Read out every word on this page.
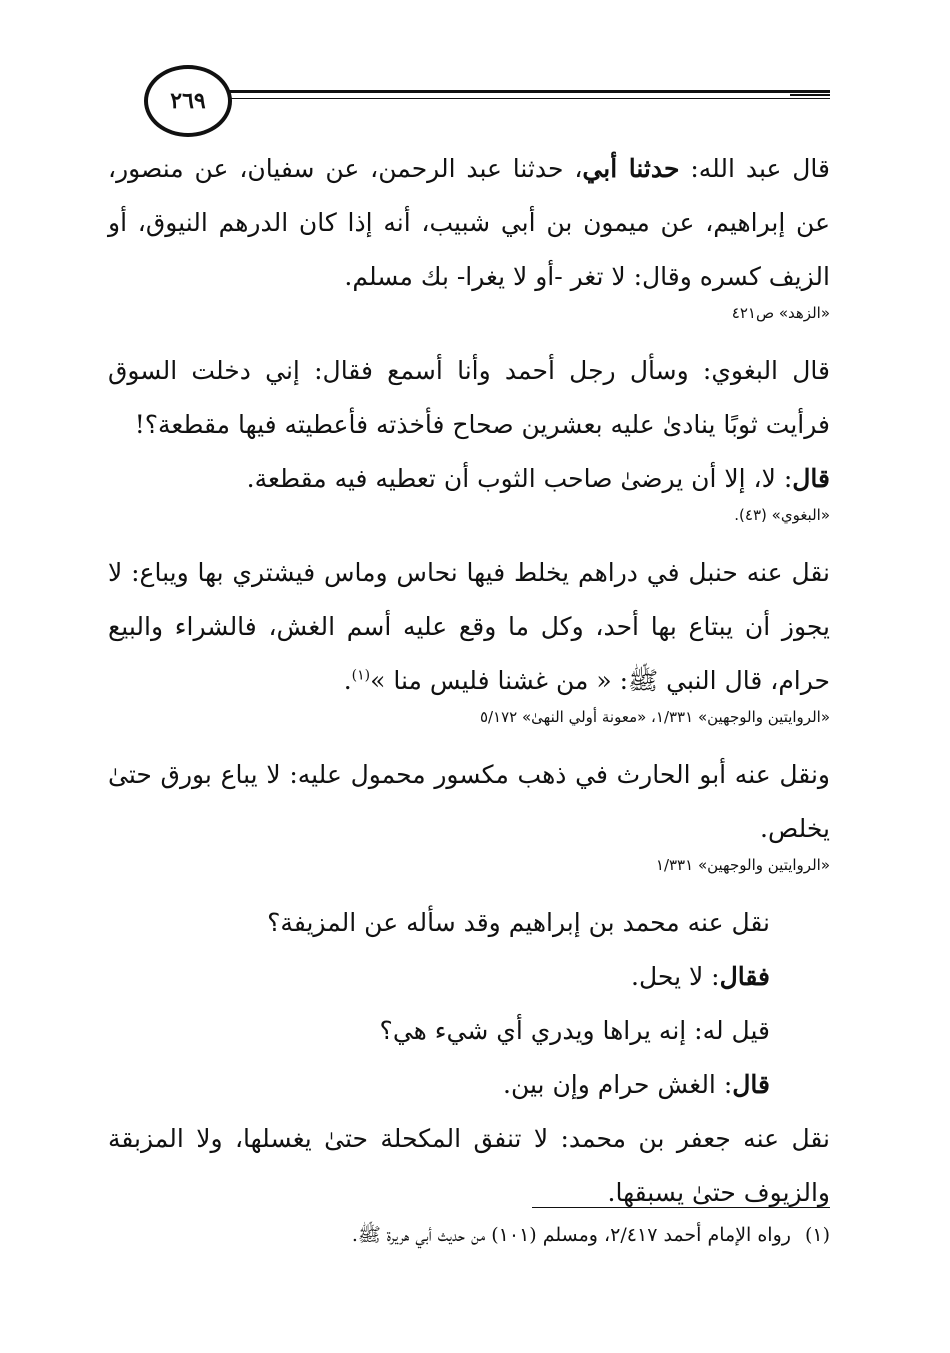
٢٦٩

قال عبد الله: حدثنا أبي، حدثنا عبد الرحمن، عن سفيان، عن منصور، عن إبراهيم، عن ميمون بن أبي شبيب، أنه إذا كان الدرهم النيوق، أو الزيف كسره وقال: لا تغر -أو لا يغرا- بك مسلم.

«الزهد» ص٤٢١

قال البغوي: وسأل رجل أحمد وأنا أسمع فقال: إني دخلت السوق فرأيت ثوبًا ينادىٰ عليه بعشرين صحاح فأخذته فأعطيته فيها مقطعة؟!

قال: لا، إلا أن يرضىٰ صاحب الثوب أن تعطيه فيه مقطعة.

«البغوي» (٤٣).

نقل عنه حنبل في دراهم يخلط فيها نحاس وماس فيشتري بها ويباع: لا يجوز أن يبتاع بها أحد، وكل ما وقع عليه أسم الغش، فالشراء والبيع حرام، قال النبي ﷺ: « من غشنا فليس منا »$^{(١)}$.

«الروايتين والوجهين» ١/٣٣١، «معونة أولي النهىٰ» ٥/١٧٢

ونقل عنه أبو الحارث في ذهب مكسور محمول عليه: لا يباع بورق حتىٰ يخلص.

«الروايتين والوجهين» ١/٣٣١

نقل عنه محمد بن إبراهيم وقد سأله عن المزيفة؟

فقال: لا يحل.

قيل له: إنه يراها ويدري أي شيء هي؟

قال: الغش حرام وإن بين.

نقل عنه جعفر بن محمد: لا تنفق المكحلة حتىٰ يغسلها، ولا المزبقة والزيوف حتىٰ يسبقها.

(١)رواه الإمام أحمد ٢/٤١٧، ومسلم (١٠١) من حديث أبي هريرة ﷺ.
